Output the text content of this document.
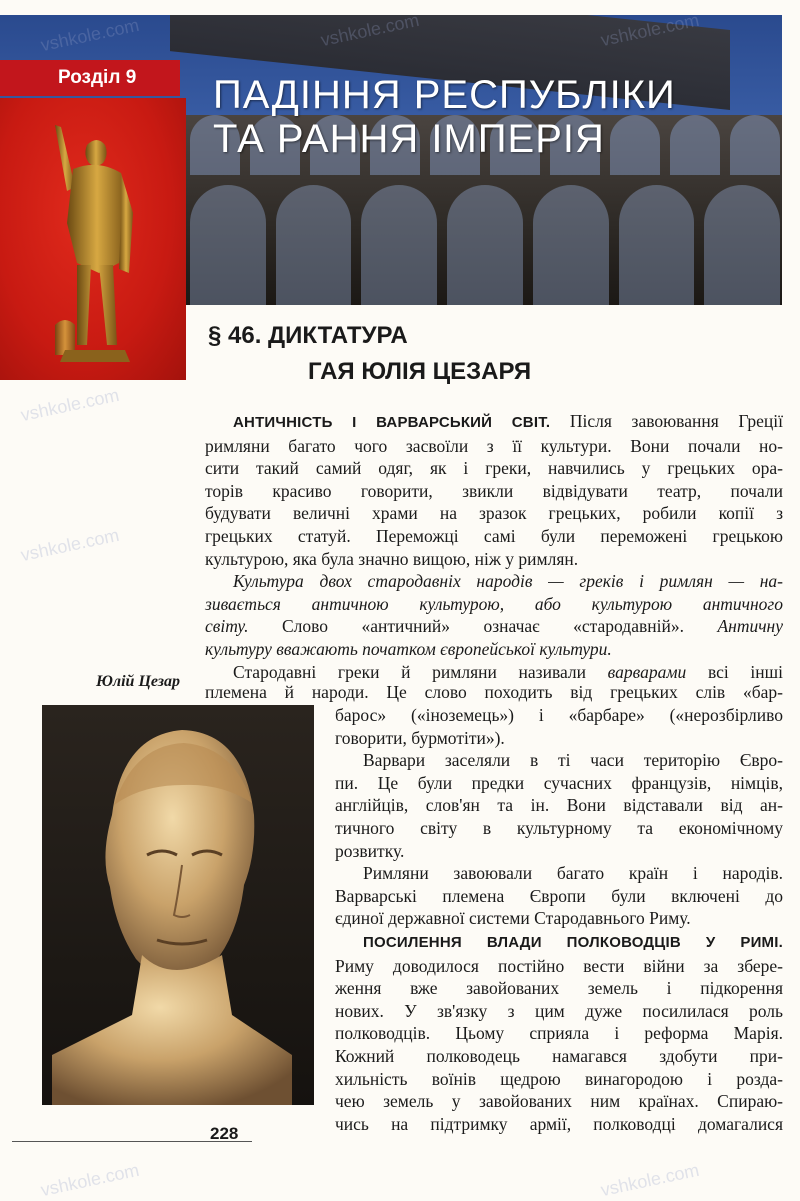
ПАДІННЯ РЕСПУБЛІКИ
ТА РАННЯ ІМПЕРІЯ
Розділ 9
§ 46. ДИКТАТУРА
ГАЯ ЮЛІЯ ЦЕЗАРЯ
АНТИЧНІСТЬ І ВАРВАРСЬКИЙ СВІТ. Після завоювання Греції
римляни багато чого засвоїли з її культури. Вони почали но-
сити такий самий одяг, як і греки, навчились у грецьких ора-
торів красиво говорити, звикли відвідувати театр, почали
будувати величні храми на зразок грецьких, робили копії з
грецьких статуй. Переможці самі були переможені грецькою
культурою, яка була значно вищою, ніж у римлян.
Культура двох стародавніх народів — греків і римлян — на-
зивається античною культурою, або культурою античного
світу. Слово «античний» означає «стародавній». Античну
культуру вважають початком європейської культури.
Стародавні греки й римляни називали варварами всі інші
племена й народи. Це слово походить від грецьких слів «бар-
барос» («іноземець») і «барбаре» («нерозбірливо
говорити, бурмотіти»).
Варвари заселяли в ті часи територію Євро-
пи. Це були предки сучасних французів, німців,
англійців, слов'ян та ін. Вони відставали від ан-
тичного світу в культурному та економічному
розвитку.
Римляни завоювали багато країн і народів.
Варварські племена Європи були включені до
єдиної державної системи Стародавнього Риму.
ПОСИЛЕННЯ ВЛАДИ ПОЛКОВОДЦІВ У РИМІ.
Риму доводилося постійно вести війни за збере-
ження вже завойованих земель і підкорення
нових. У зв'язку з цим дуже посилилася роль
полководців. Цьому сприяла і реформа Марія.
Кожний полководець намагався здобути при-
хильність воїнів щедрою винагородою і розда-
чею земель у завойованих ним країнах. Спираю-
чись на підтримку армії, полководці домагалися
Юлій Цезар
228
vshkole.com	vshkole.com	vshkole.com
vshkole.com
vshkole.com
vshkole.com	vshkole.com
